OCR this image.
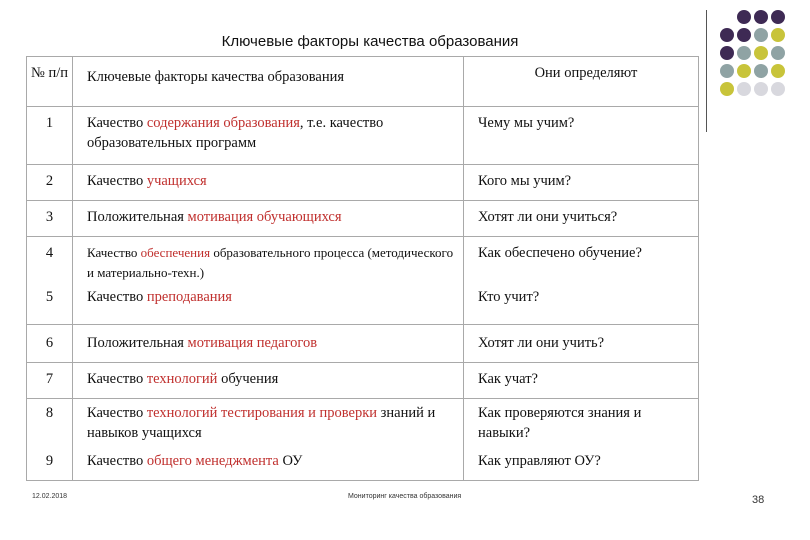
Ключевые факторы качества образования
№ п/п	Ключевые факторы качества образования	Они определяют
1	Качество содержания образования, т.е. качество образовательных программ	Чему мы учим?
2	Качество учащихся	Кого мы учим?
3	Положительная мотивация обучающихся	Хотят ли они учиться?
4	Качество обеспечения образовательного процесса (методического и материально-техн.)	Как обеспечено обучение?
5	Качество преподавания	Кто учит?
6	Положительная мотивация педагогов	Хотят ли они учить?
7	Качество технологий обучения	Как учат?
8	Качество технологий тестирования и проверки знаний и навыков учащихся	Как проверяются знания и навыки?
9	Качество общего менеджмента ОУ	Как управляют ОУ?
12.02.2018	Мониторинг качества образования	38
